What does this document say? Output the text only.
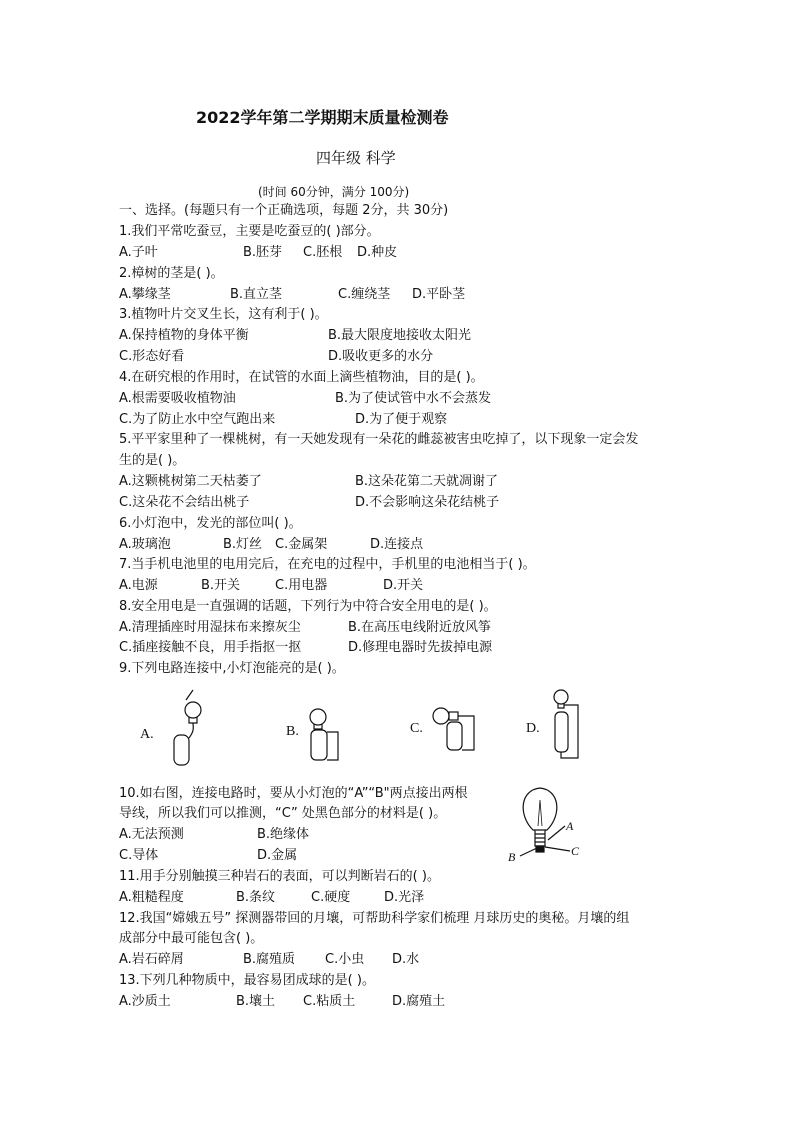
2022学年第二学期期末质量检测卷
四年级 科学
(时间 60分钟，满分 100分)
一、选择。(每题只有一个正确选项，每题 2分，共 30分)
1.我们平常吃蚕豆，主要是吃蚕豆的( )部分。
A.子叶	B.胚芽 C.胚根 D.种皮
2.樟树的茎是( )。
A.攀缘茎	B.直立茎	C.缠绕茎 D.平卧茎
3.植物叶片交叉生长，这有利于( )。
A.保持植物的身体平衡	B.最大限度地接收太阳光
C.形态好看	D.吸收更多的水分
4.在研究根的作用时，在试管的水面上滴些植物油，目的是( )。
A.根需要吸收植物油	B.为了使试管中水不会蒸发
C.为了防止水中空气跑出来	D.为了便于观察
5.平平家里种了一棵桃树，有一天她发现有一朵花的雌蕊被害虫吃掉了，以下现象一定会发
生的是( )。
A.这颗桃树第二天枯萎了	B.这朵花第二天就凋谢了
C.这朵花不会结出桃子	D.不会影响这朵花结桃子
6.小灯泡中，发光的部位叫( )。
A.玻璃泡	B.灯丝 C.金属架	D.连接点
7.当手机电池里的电用完后，在充电的过程中，手机里的电池相当于( )。
A.电源	B.开关	C.用电器	D.开关
8.安全用电是一直强调的话题，下列行为中符合安全用电的是( )。
A.清理插座时用湿抹布来擦灰尘	B.在高压电线附近放风筝
C.插座接触不良，用手指抠一抠	D.修理电器时先拔掉电源
9.下列电路连接中,小灯泡能亮的是( )。
A.	B.	C.	D.
A
B	C
10.如右图，连接电路时，要从小灯泡的“A”“B"两点接出两根
导线，所以我们可以推测，“C” 处黑色部分的材料是( )。
A.无法预测	B.绝缘体
C.导体	D.金属
11.用手分别触摸三种岩石的表面，可以判断岩石的( )。
A.粗糙程度	B.条纹	C.硬度	D.光泽
12.我国“嫦娥五号” 探测器带回的月壤，可帮助科学家们梳理 月球历史的奥秘。月壤的组
成部分中最可能包含( )。
A.岩石碎屑	B.腐殖质 C.小虫 D.水
13.下列几种物质中，最容易团成球的是( )。
A.沙质土	B.壤土 C.粘质土	D.腐殖土
